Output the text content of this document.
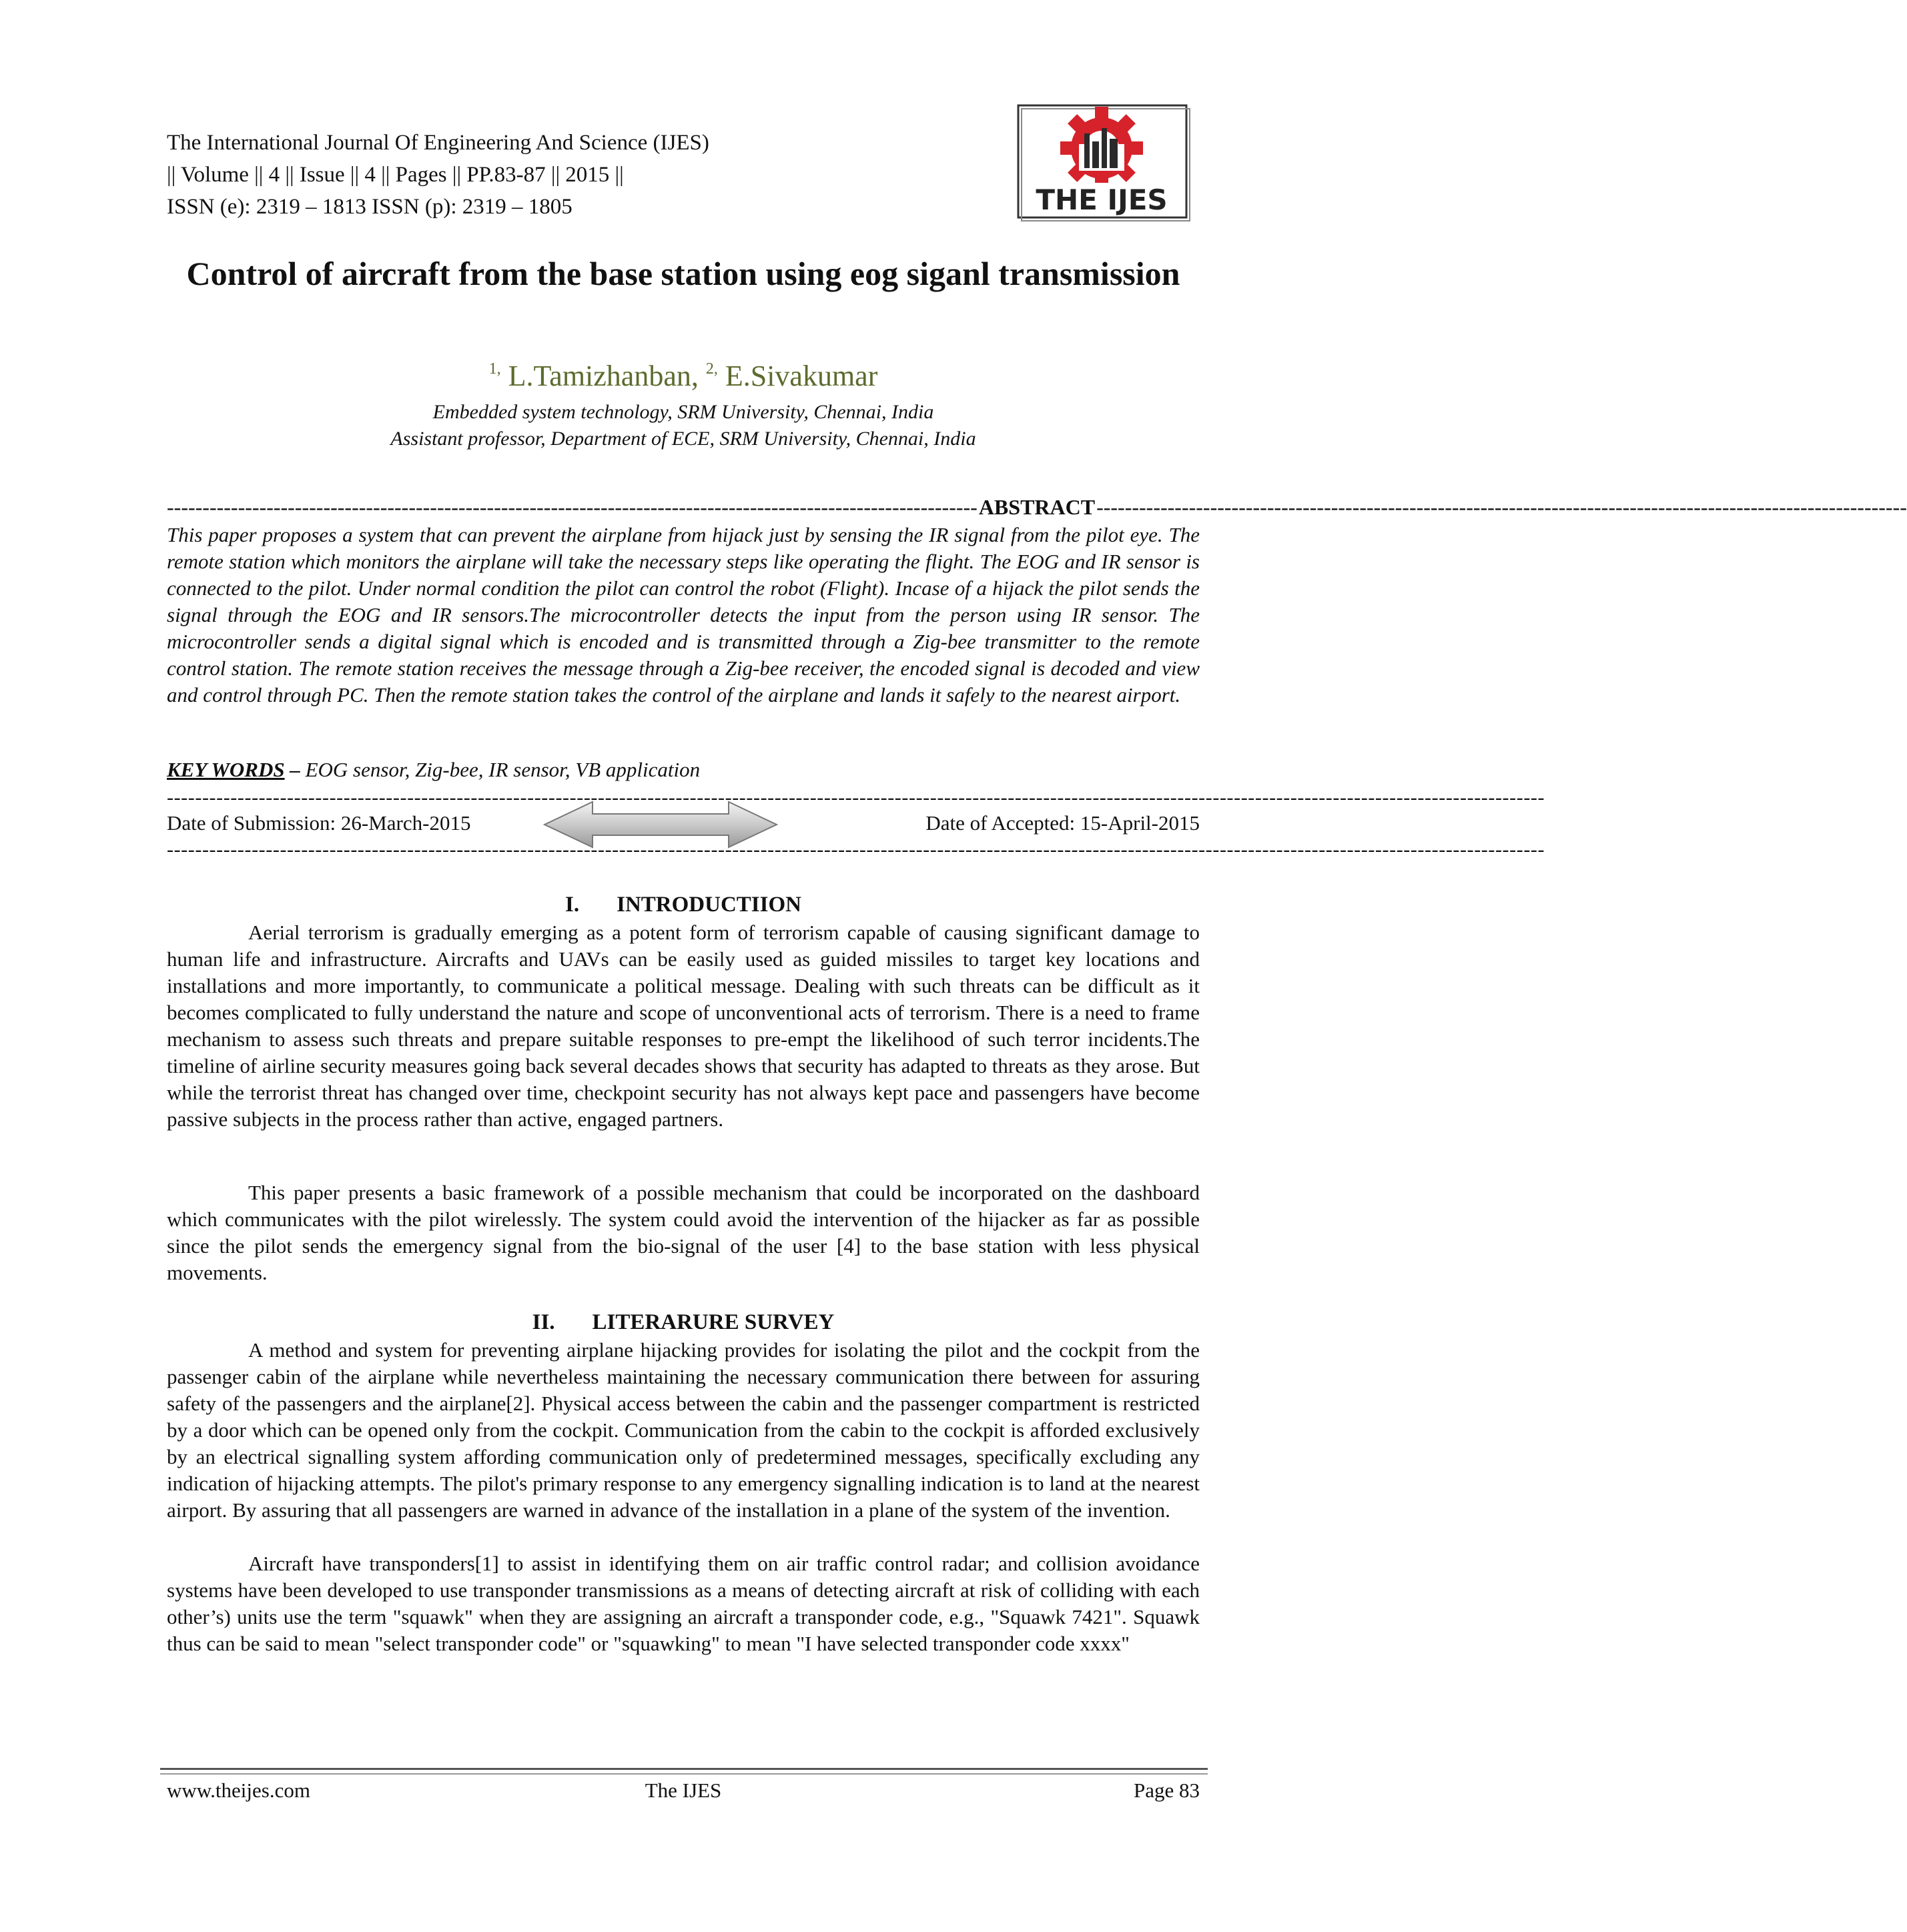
The International Journal Of Engineering And Science (IJES)
|| Volume || 4 || Issue || 4 || Pages || PP.83-87 || 2015 ||
ISSN (e): 2319 – 1813 ISSN (p): 2319 – 1805	THE IJES
Control of aircraft from the base station using eog siganl transmission
$^{1,}$ L.Tamizhanban, $^{2,}$ E.Sivakumar
Embedded system technology, SRM University, Chennai, India
Assistant professor, Department of ECE, SRM University, Chennai, India
------------------------------------------------------------------------------------------------------------------ ABSTRACT ------------------------------------------------------------------------------------------------------------------
This paper proposes a system that can prevent the airplane from hijack just by sensing the IR signal from the pilot eye. The remote station which monitors the airplane will take the necessary steps like operating the flight. The EOG and IR sensor is connected to the pilot. Under normal condition the pilot can control the robot (Flight). Incase of a hijack the pilot sends the signal through the EOG and IR sensors.The microcontroller detects the input from the person using IR sensor. The microcontroller sends a digital signal which is encoded and is transmitted through a Zig-bee transmitter to the remote control station. The remote station receives the message through a Zig-bee receiver, the encoded signal is decoded and view and control through PC. Then the remote station takes the control of the airplane and lands it safely to the nearest airport.
KEY WORDS – EOG sensor, Zig-bee, IR sensor, VB application
---------------------------------------------------------------------------------------------------------------------------------------------------------------------------------------------------
Date of Submission: 26-March-2015	Date of Accepted: 15-April-2015
---------------------------------------------------------------------------------------------------------------------------------------------------------------------------------------------------
I. INTRODUCTIION
Aerial terrorism is gradually emerging as a potent form of terrorism capable of causing significant damage to human life and infrastructure. Aircrafts and UAVs can be easily used as guided missiles to target key locations and installations and more importantly, to communicate a political message. Dealing with such threats can be difficult as it becomes complicated to fully understand the nature and scope of unconventional acts of terrorism. There is a need to frame mechanism to assess such threats and prepare suitable responses to pre-empt the likelihood of such terror incidents.The timeline of airline security measures going back several decades shows that security has adapted to threats as they arose. But while the terrorist threat has changed over time, checkpoint security has not always kept pace and passengers have become passive subjects in the process rather than active, engaged partners.
This paper presents a basic framework of a possible mechanism that could be incorporated on the dashboard which communicates with the pilot wirelessly. The system could avoid the intervention of the hijacker as far as possible since the pilot sends the emergency signal from the bio-signal of the user [4] to the base station with less physical movements.
II. LITERARURE SURVEY
A method and system for preventing airplane hijacking provides for isolating the pilot and the cockpit from the passenger cabin of the airplane while nevertheless maintaining the necessary communication there between for assuring safety of the passengers and the airplane[2]. Physical access between the cabin and the passenger compartment is restricted by a door which can be opened only from the cockpit. Communication from the cabin to the cockpit is afforded exclusively by an electrical signalling system affording communication only of predetermined messages, specifically excluding any indication of hijacking attempts. The pilot's primary response to any emergency signalling indication is to land at the nearest airport. By assuring that all passengers are warned in advance of the installation in a plane of the system of the invention.
Aircraft have transponders[1] to assist in identifying them on air traffic control radar; and collision avoidance systems have been developed to use transponder transmissions as a means of detecting aircraft at risk of colliding with each other’s) units use the term "squawk" when they are assigning an aircraft a transponder code, e.g., "Squawk 7421". Squawk thus can be said to mean "select transponder code" or "squawking" to mean "I have selected transponder code xxxx"
www.theijes.com	The IJES	Page 83
